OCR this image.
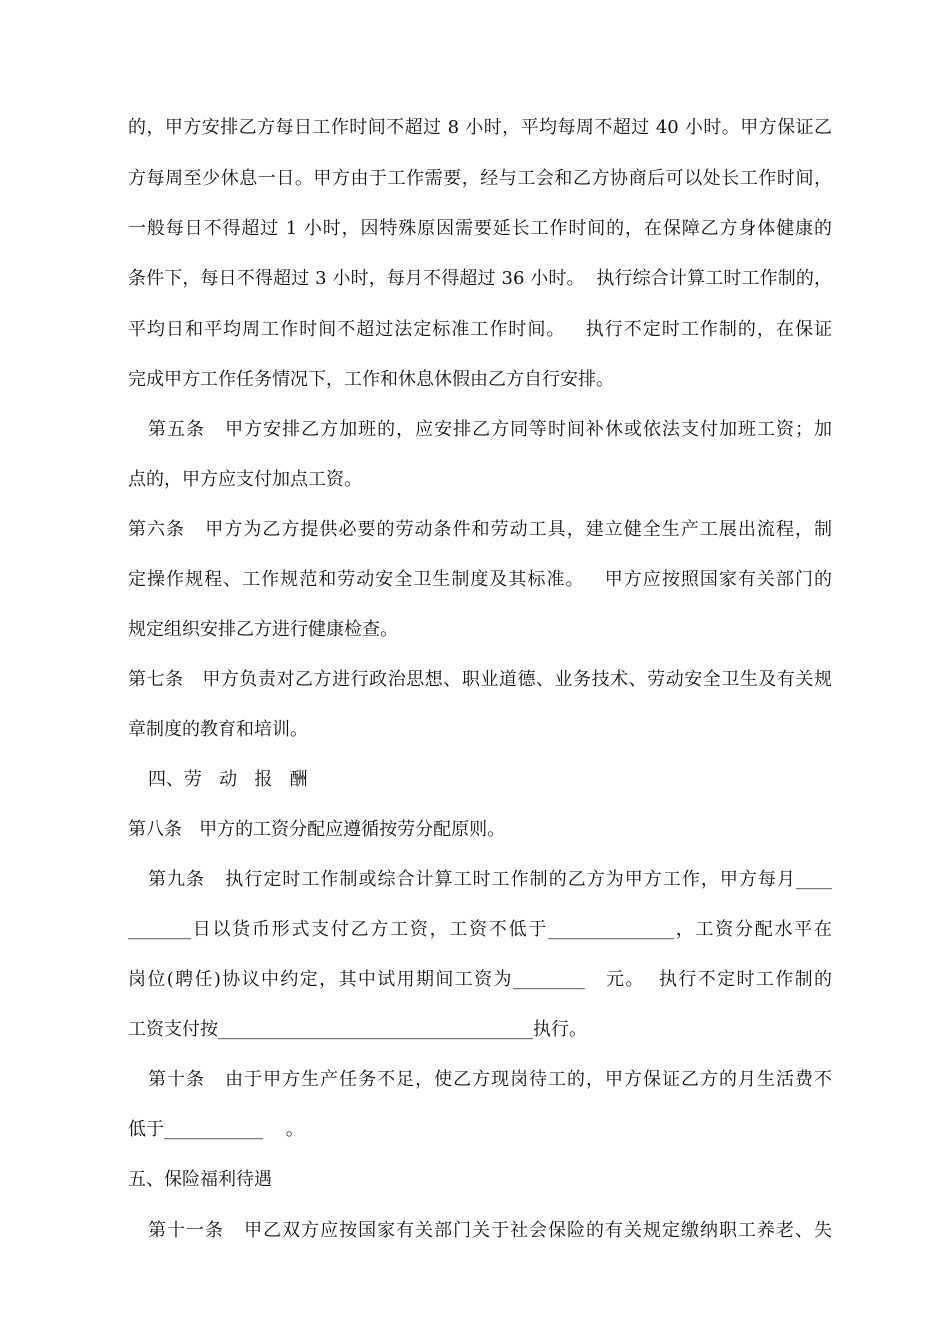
的，甲方安排乙方每日工作时间不超过 8 小时，平均每周不超过 40 小时。甲方保证乙
方每周至少休息一日。甲方由于工作需要，经与工会和乙方协商后可以处长工作时间，
一般每日不得超过 1 小时，因特殊原因需要延长工作时间的，在保障乙方身体健康的
条件下，每日不得超过 3 小时，每月不得超过 36 小时。  执行综合计算工时工作制的，
平均日和平均周工作时间不超过法定标准工作时间。   执行不定时工作制的，在保证
完成甲方工作任务情况下，工作和休息休假由乙方自行安排。
第五条   甲方安排乙方加班的，应安排乙方同等时间补休或依法支付加班工资；加
点的，甲方应支付加点工资。
第六条   甲方为乙方提供必要的劳动条件和劳动工具，建立健全生产工展出流程，制
定操作规程、工作规范和劳动安全卫生制度及其标准。   甲方应按照国家有关部门的
规定组织安排乙方进行健康检查。
第七条   甲方负责对乙方进行政治思想、职业道德、业务技术、劳动安全卫生及有关规
章制度的教育和培训。
四、劳   动   报   酬
第八条   甲方的工资分配应遵循按劳分配原则。
第九条   执行定时工作制或综合计算工时工作制的乙方为甲方工作，甲方每月____
_______日以货币形式支付乙方工资，工资不低于______________，工资分配水平在
岗位(聘任)协议中约定，其中试用期间工资为________   元。  执行不定时工作制的
工资支付按___________________________________执行。
第十条   由于甲方生产任务不足，使乙方现岗待工的，甲方保证乙方的月生活费不
低于___________    。
五、保险福利待遇
第十一条   甲乙双方应按国家有关部门关于社会保险的有关规定缴纳职工养老、失
